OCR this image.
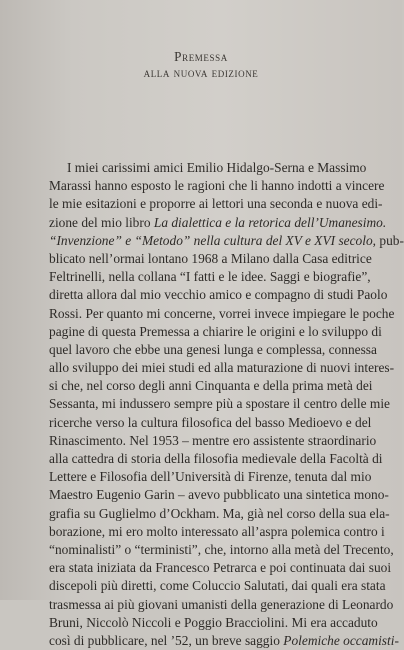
Premessa
alla nuova edizione
I miei carissimi amici Emilio Hidalgo-Serna e Massimo
Marassi hanno esposto le ragioni che li hanno indotti a vincere
le mie esitazioni e proporre ai lettori una seconda e nuova edi-
zione del mio libro La dialettica e la retorica dell’Umanesimo.
“Invenzione” e “Metodo” nella cultura del XV e XVI secolo, pub-
blicato nell’ormai lontano 1968 a Milano dalla Casa editrice
Feltrinelli, nella collana “I fatti e le idee. Saggi e biografie”,
diretta allora dal mio vecchio amico e compagno di studi Paolo
Rossi. Per quanto mi concerne, vorrei invece impiegare le poche
pagine di questa Premessa a chiarire le origini e lo sviluppo di
quel lavoro che ebbe una genesi lunga e complessa, connessa
allo sviluppo dei miei studi ed alla maturazione di nuovi interes-
si che, nel corso degli anni Cinquanta e della prima metà dei
Sessanta, mi indussero sempre più a spostare il centro delle mie
ricerche verso la cultura filosofica del basso Medioevo e del
Rinascimento. Nel 1953 – mentre ero assistente straordinario
alla cattedra di storia della filosofia medievale della Facoltà di
Lettere e Filosofia dell’Università di Firenze, tenuta dal mio
Maestro Eugenio Garin – avevo pubblicato una sintetica mono-
grafia su Guglielmo d’Ockham. Ma, già nel corso della sua ela-
borazione, mi ero molto interessato all’aspra polemica contro i
“nominalisti” o “terministi”, che, intorno alla metà del Trecento,
era stata iniziata da Francesco Petrarca e poi continuata dai suoi
discepoli più diretti, come Coluccio Salutati, dai quali era stata
trasmessa ai più giovani umanisti della generazione di Leonardo
Bruni, Niccolò Niccoli e Poggio Bracciolini. Mi era accaduto
così di pubblicare, nel ’52, un breve saggio Polemiche occamisti-
